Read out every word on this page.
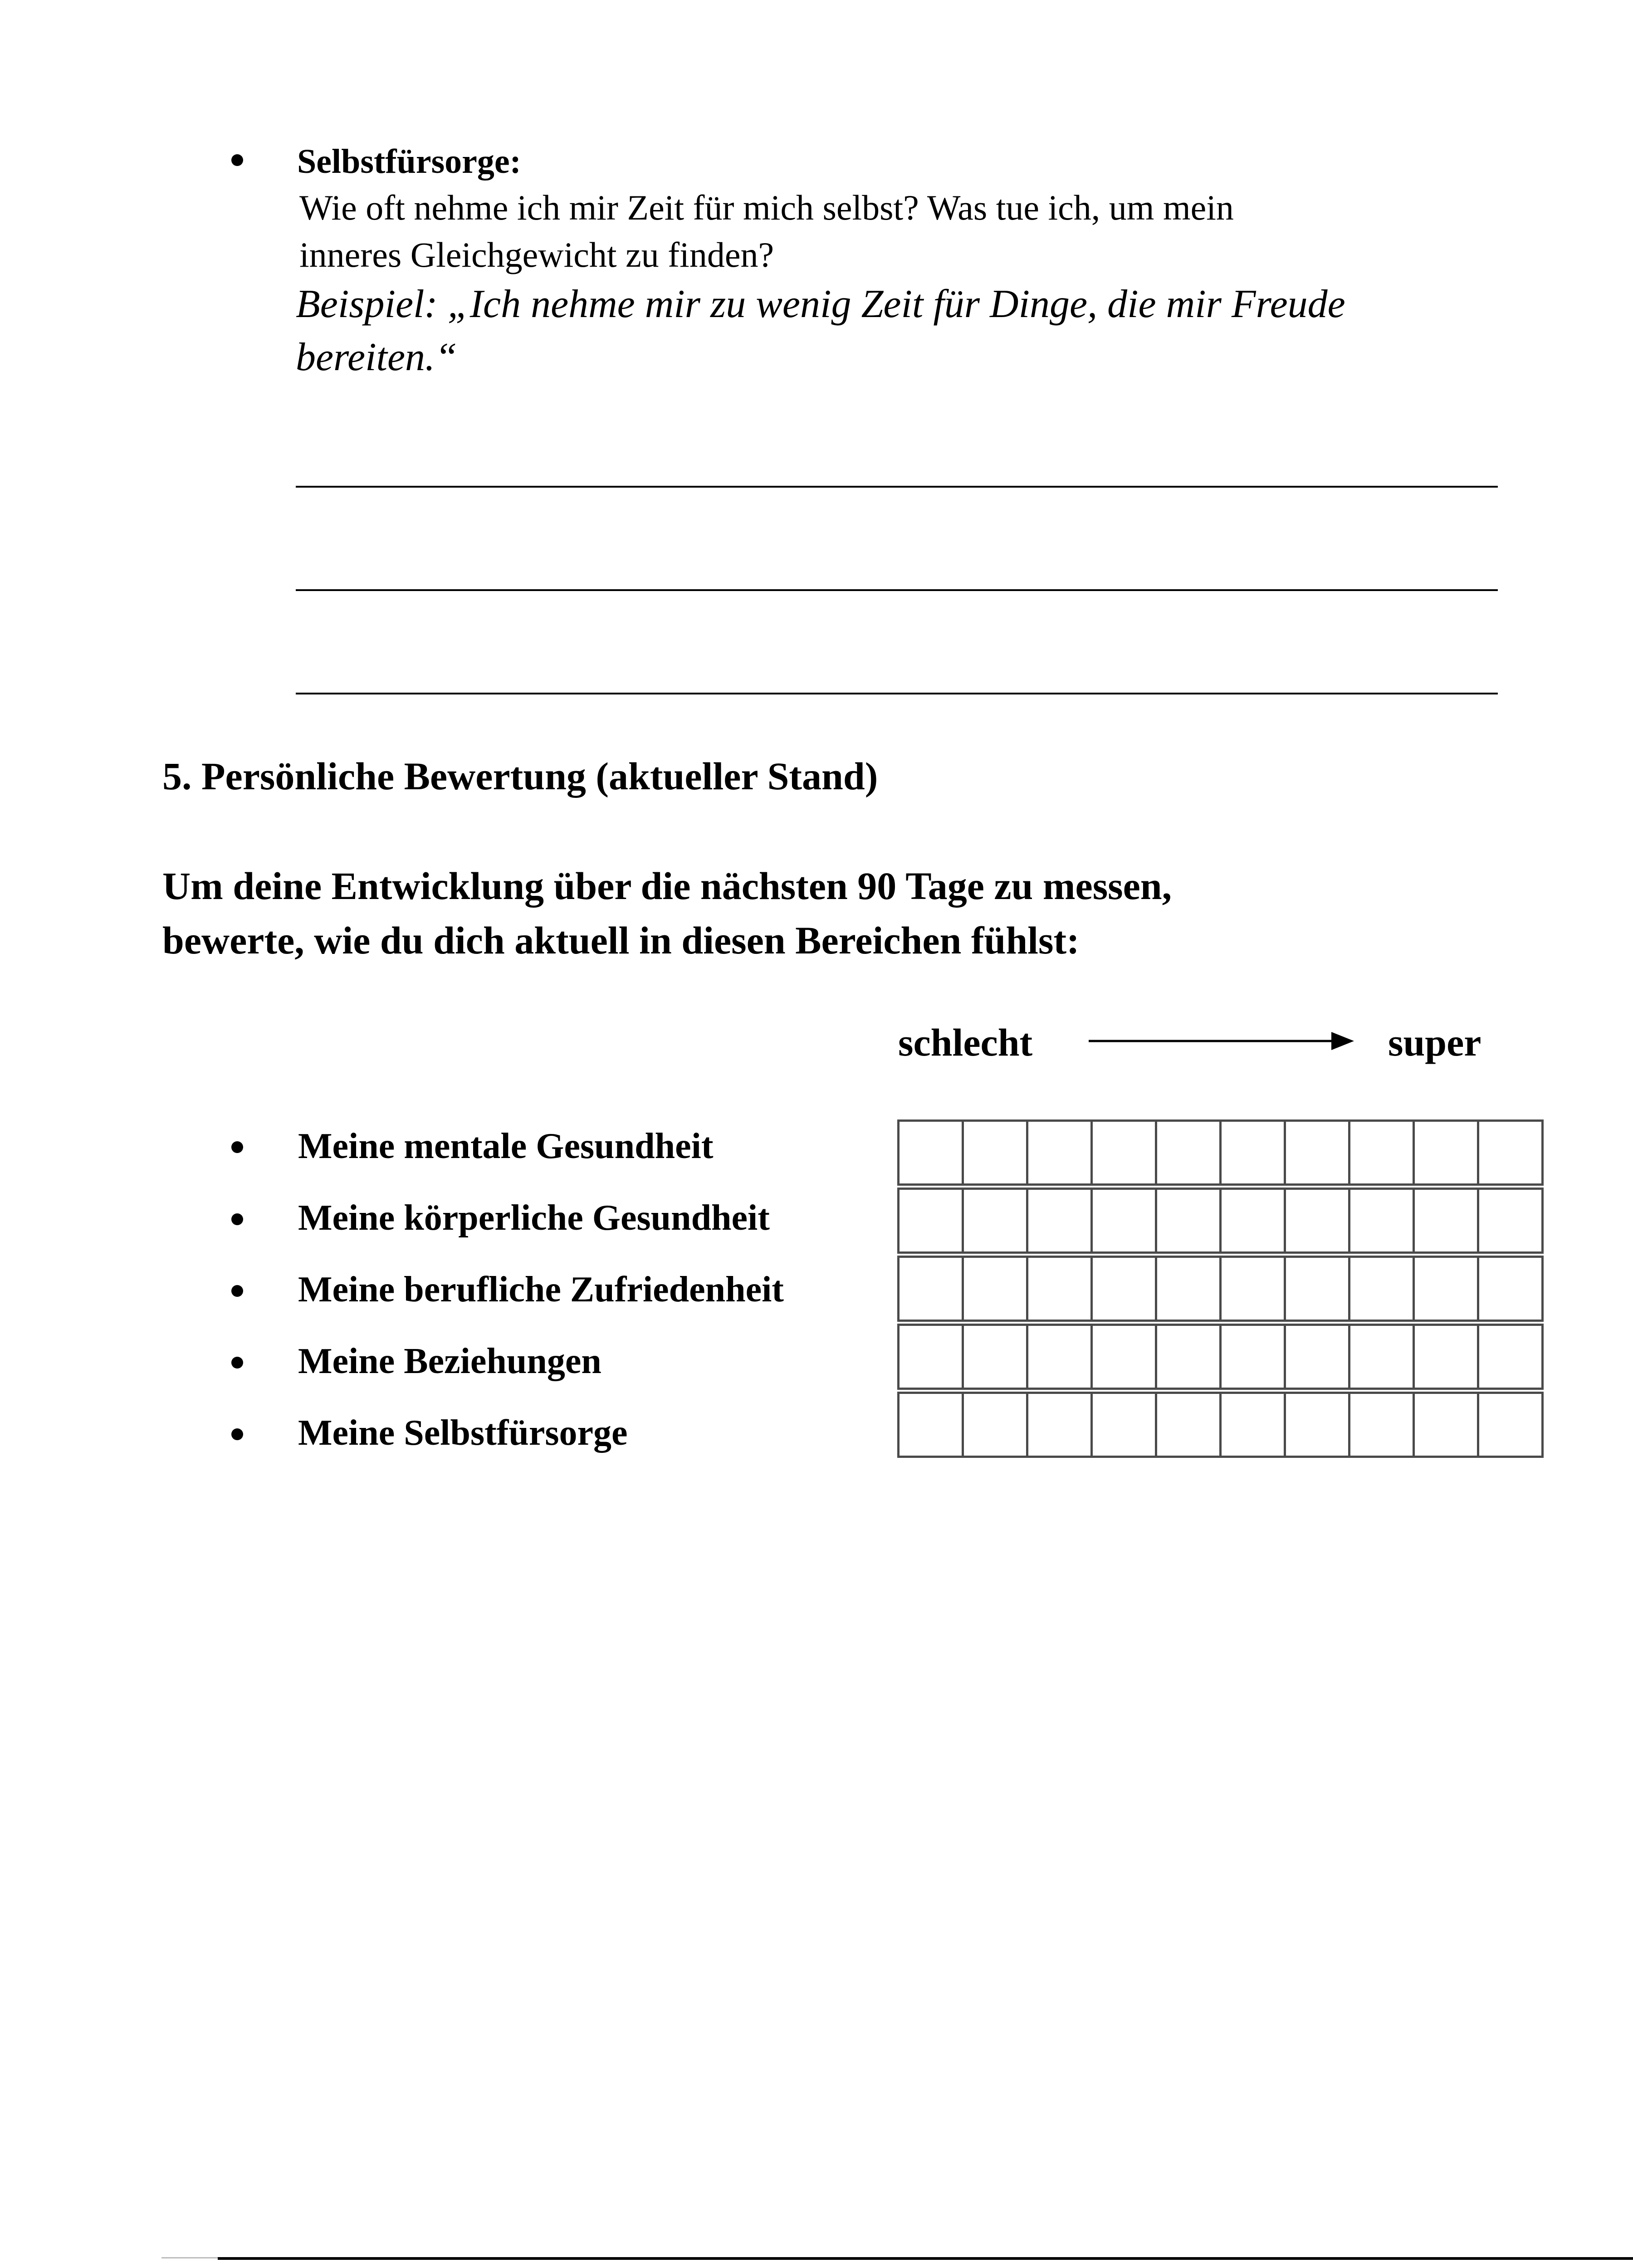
Selbstfürsorge:
Wie oft nehme ich mir Zeit für mich selbst? Was tue ich, um mein
inneres Gleichgewicht zu finden?
Beispiel: „Ich nehme mir zu wenig Zeit für Dinge, die mir Freude
bereiten.“
5. Persönliche Bewertung (aktueller Stand)
Um deine Entwicklung über die nächsten 90 Tage zu messen,
bewerte, wie du dich aktuell in diesen Bereichen fühlst:
schlecht	super
Meine mentale Gesundheit
Meine körperliche Gesundheit
Meine berufliche Zufriedenheit
Meine Beziehungen
Meine Selbstfürsorge
